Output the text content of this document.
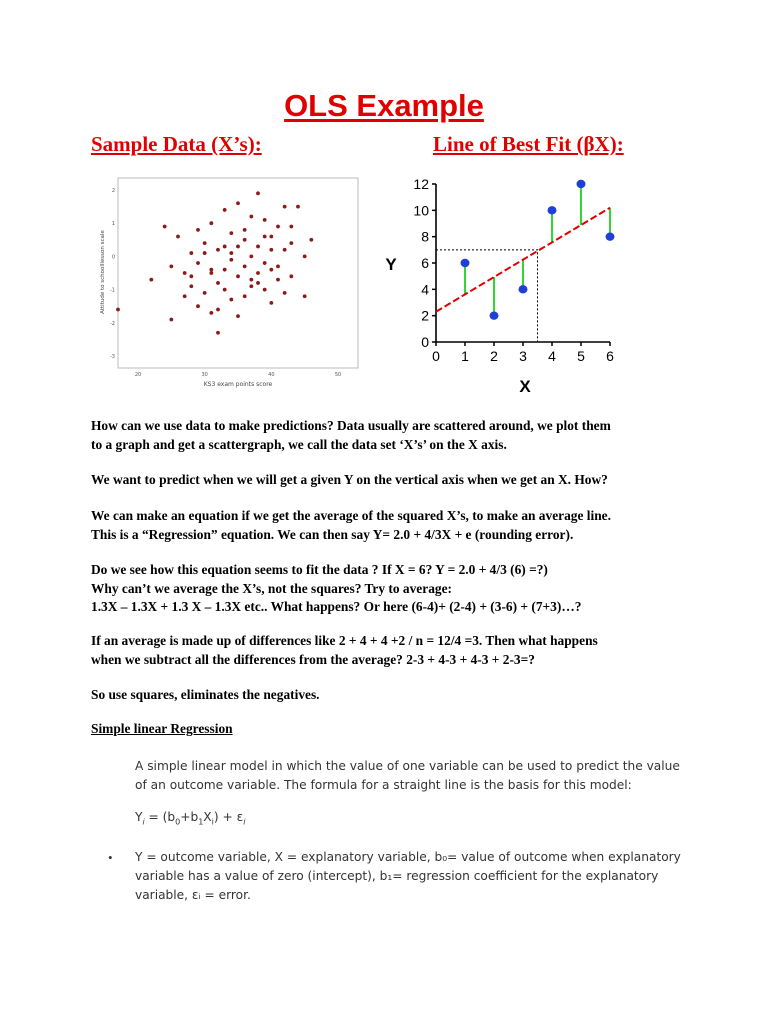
OLS Example
Sample Data (X’s):	Line of Best Fit (βX):
20	30	40	50
2
1
0
-1
-2
-3
Attitude to schoolllesson scale
KS3 exam points score
0
2
4
6
8
10
12
0 1 2 3 4 5 6
Y
X

How can we use data to make predictions? Data usually are scattered around, we plot them
to a graph and get a scattergraph, we call the data set ‘X’s’ on the X axis.

We want to predict when we will get a given Y on the vertical axis when we get an X. How?

We can make an equation if we get the average of the squared X’s, to make an average line.
This is a “Regression” equation. We can then say Y= 2.0 + 4/3X + e (rounding error).

Do we see how this equation seems to fit the data ? If X = 6? Y = 2.0 + 4/3 (6) =?)
Why can’t we average the X’s, not the squares? Try to average:
1.3X – 1.3X + 1.3 X – 1.3X etc.. What happens? Or here (6-4)+ (2-4) + (3-6) + (7+3)…?

If an average is made up of differences like 2 + 4 + 4 +2 / n = 12/4 =3. Then what happens
when we subtract all the differences from the average? 2-3 + 4-3 + 4-3 + 2-3=?

So use squares, eliminates the negatives.

Simple linear Regression

A simple linear model in which the value of one variable can be used to predict the value
of an outcome variable. The formula for a straight line is the basis for this model:

$Y_i = (b_0+b_1X_i) + \varepsilon_i$

• Y = outcome variable, X = explanatory variable, b₀= value of outcome when explanatory
variable has a value of zero (intercept), b₁= regression coefficient for the explanatory
variable, εᵢ = error.
